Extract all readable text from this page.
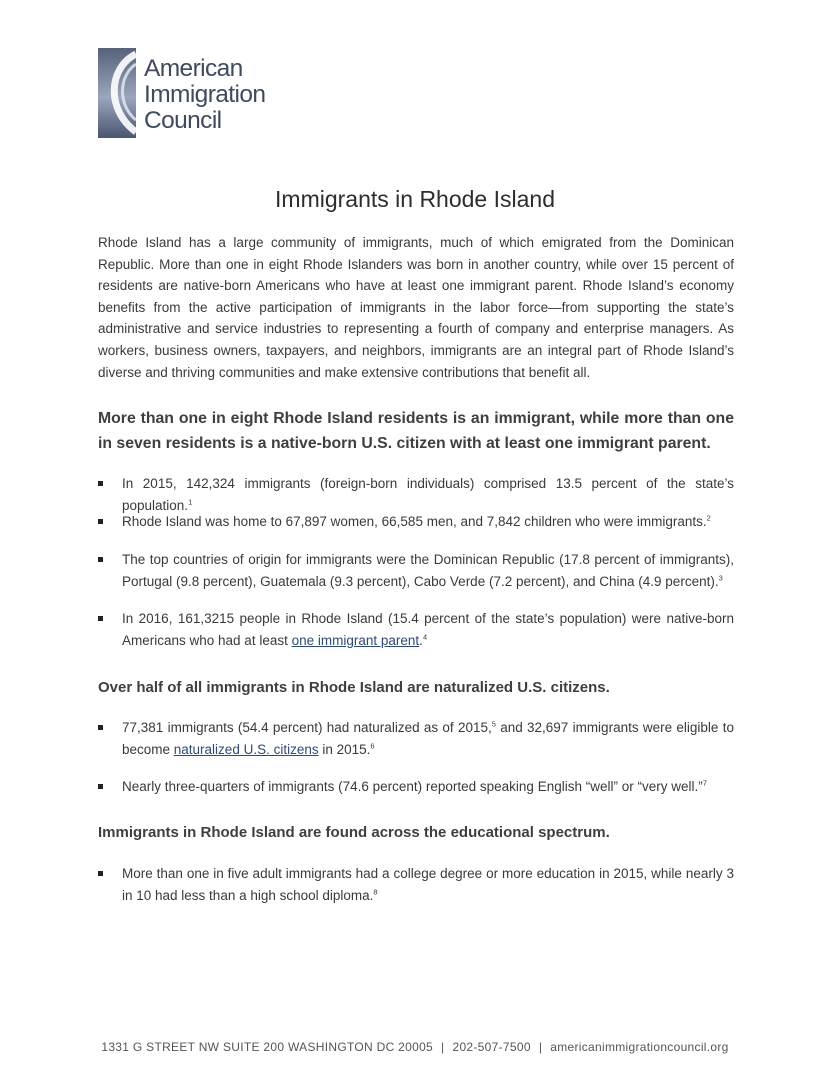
American
Immigration
Council
Immigrants in Rhode Island

Rhode Island has a large community of immigrants, much of which emigrated from the Dominican Republic. More than one in eight Rhode Islanders was born in another country, while over 15 percent of residents are native-born Americans who have at least one immigrant parent. Rhode Island’s economy benefits from the active participation of immigrants in the labor force—from supporting the state’s administrative and service industries to representing a fourth of company and enterprise managers. As workers, business owners, taxpayers, and neighbors, immigrants are an integral part of Rhode Island’s diverse and thriving communities and make extensive contributions that benefit all.

More than one in eight Rhode Island residents is an immigrant, while more than one in seven residents is a native-born U.S. citizen with at least one immigrant parent.
In 2015, 142,324 immigrants (foreign-born individuals) comprised 13.5 percent of the state’s population.$^1$
Rhode Island was home to 67,897 women, 66,585 men, and 7,842 children who were immigrants.$^2$
The top countries of origin for immigrants were the Dominican Republic (17.8 percent of immigrants), Portugal (9.8 percent), Guatemala (9.3 percent), Cabo Verde (7.2 percent), and China (4.9 percent).$^3$
In 2016, 161,3215 people in Rhode Island (15.4 percent of the state’s population) were native-born Americans who had at least one immigrant parent.$^4$
Over half of all immigrants in Rhode Island are naturalized U.S. citizens.
77,381 immigrants (54.4 percent) had naturalized as of 2015,$^5$ and 32,697 immigrants were eligible to become naturalized U.S. citizens in 2015.$^6$
Nearly three-quarters of immigrants (74.6 percent) reported speaking English “well” or “very well.”$^7$
Immigrants in Rhode Island are found across the educational spectrum.
More than one in five adult immigrants had a college degree or more education in 2015, while nearly 3 in 10 had less than a high school diploma.$^8$
1331 G STREET NW SUITE 200 WASHINGTON DC 20005 | 202-507-7500 | americanimmigrationcouncil.org
